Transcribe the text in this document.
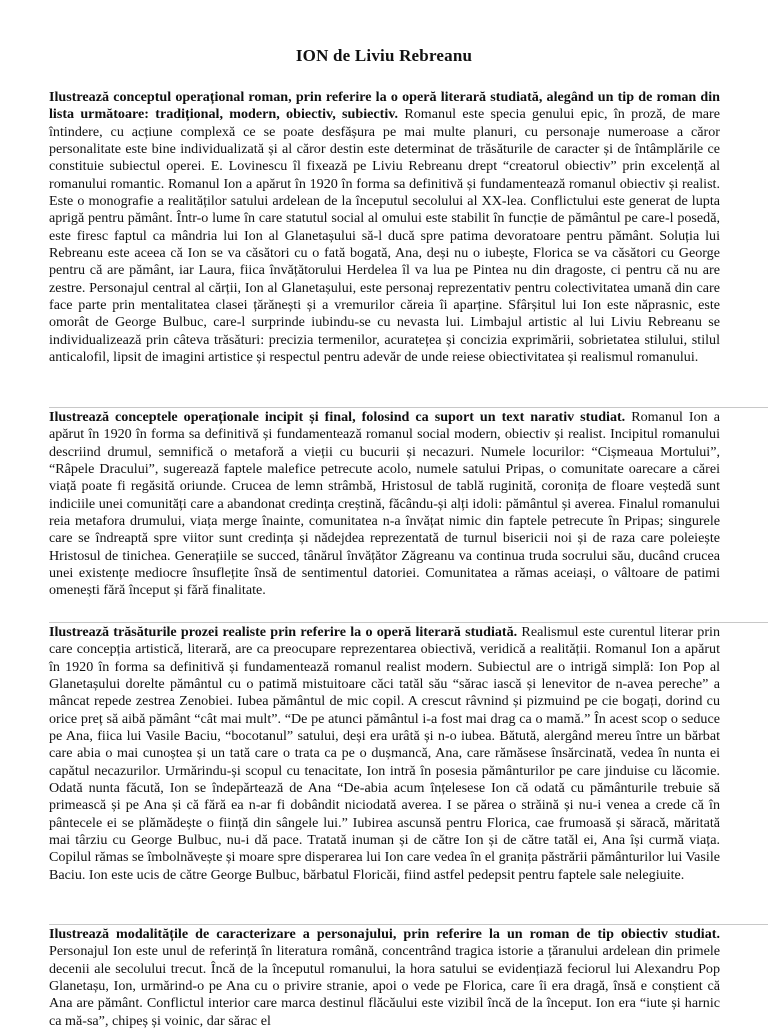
ION de Liviu Rebreanu

Ilustrează conceptul operațional roman, prin referire la o operă literară studiată, alegând un tip de roman din lista următoare: tradițional, modern, obiectiv, subiectiv. Romanul este specia genului epic, în proză, de mare întindere, cu acțiune complexă ce se poate desfășura pe mai multe planuri, cu personaje numeroase a căror personalitate este bine individualizată și al căror destin este determinat de trăsăturile de caracter și de întâmplările ce constituie subiectul operei. E. Lovinescu îl fixează pe Liviu Rebreanu drept “creatorul obiectiv” prin excelență al romanului romantic. Romanul Ion a apărut în 1920 în forma sa definitivă și fundamentează romanul obiectiv și realist. Este o monografie a realităților satului ardelean de la începutul secolului al XX-lea. Conflictului este generat de lupta aprigă pentru pământ. Într-o lume în care statutul social al omului este stabilit în funcție de pământul pe care-l posedă, este firesc faptul ca mândria lui Ion al Glanetașului să-l ducă spre patima devoratoare pentru pământ. Soluția lui Rebreanu este aceea că Ion se va căsători cu o fată bogată, Ana, deși nu o iubește, Florica se va căsători cu George pentru că are pământ, iar Laura, fiica învățătorului Herdelea îl va lua pe Pintea nu din dragoste, ci pentru că nu are zestre. Personajul central al cărții, Ion al Glanetașului, este personaj reprezentativ pentru colectivitatea umană din care face parte prin mentalitatea clasei țărănești și a vremurilor căreia îi aparține. Sfârșitul lui Ion este năprasnic, este omorât de George Bulbuc, care-l surprinde iubindu-se cu nevasta lui. Limbajul artistic al lui Liviu Rebreanu se individualizează prin câteva trăsături: precizia termenilor, acuratețea și concizia exprimării, sobrietatea stilului, stilul anticalofil, lipsit de imagini artistice și respectul pentru adevăr de unde reiese obiectivitatea și realismul romanului.

Ilustrează conceptele operaționale incipit și final, folosind ca suport un text narativ studiat. Romanul Ion a apărut în 1920 în forma sa definitivă și fundamentează romanul social modern, obiectiv și realist. Incipitul romanului descriind drumul, semnifică o metaforă a vieții cu bucurii și necazuri. Numele locurilor: “Cișmeaua Mortului”, “Râpele Dracului”, sugerează faptele malefice petrecute acolo, numele satului Pripas, o comunitate oarecare a cărei viață poate fi regăsită oriunde. Crucea de lemn strâmbă, Hristosul de tablă ruginită, coronița de floare veștedă sunt indiciile unei comunități care a abandonat credința creștină, făcându-și alți idoli: pământul și averea. Finalul romanului reia metafora drumului, viața merge înainte, comunitatea n-a învățat nimic din faptele petrecute în Pripas; singurele care se îndreaptă spre viitor sunt credința și nădejdea reprezentată de turnul bisericii noi și de raza care poleiește Hristosul de tinichea. Generațiile se succed, tânărul învățător Zăgreanu va continua truda socrului său, ducând crucea unei existențe mediocre însuflețite însă de sentimentul datoriei. Comunitatea a rămas aceiași, o vâltoare de patimi omenești fără început și fără finalitate.

Ilustrează trăsăturile prozei realiste prin referire la o operă literară studiată. Realismul este curentul literar prin care concepția artistică, literară, are ca preocupare reprezentarea obiectivă, veridică a realității. Romanul Ion a apărut în 1920 în forma sa definitivă și fundamentează romanul realist modern. Subiectul are o intrigă simplă: Ion Pop al Glanetașului dorelte pământul cu o patimă mistuitoare căci tatăl său “sărac iască și lenevitor de n-avea pereche” a mâncat repede zestrea Zenobiei. Iubea pământul de mic copil. A crescut râvnind și pizmuind pe cie bogați, dorind cu orice preț să aibă pământ “cât mai mult”. “De pe atunci pământul i-a fost mai drag ca o mamă.” În acest scop o seduce pe Ana, fiica lui Vasile Baciu, “bocotanul” satului, deși era urâtă și n-o iubea. Bătută, alergând mereu între un bărbat care abia o mai cunoștea și un tată care o trata ca pe o dușmancă, Ana, care rămăsese însărcinată, vedea în nunta ei capătul necazurilor. Urmărindu-și scopul cu tenacitate, Ion intră în posesia pământurilor pe care jinduise cu lăcomie. Odată nunta făcută, Ion se îndepărtează de Ana “De-abia acum înțelesese Ion că odată cu pământurile trebuie să primească și pe Ana și că fără ea n-ar fi dobândit niciodată averea. I se părea o străină și nu-i venea a crede că în pântecele ei se plămădește o ființă din sângele lui.” Iubirea ascunsă pentru Florica, cae frumoasă și săracă, măritată mai târziu cu George Bulbuc, nu-i dă pace. Tratată inuman și de către Ion și de către tatăl ei, Ana își curmă viața. Copilul rămas se îmbolnăvește și moare spre disperarea lui Ion care vedea în el granița păstrării pământurilor lui Vasile Baciu. Ion este ucis de către George Bulbuc, bărbatul Floricăi, fiind astfel pedepsit pentru faptele sale nelegiuite.

Ilustrează modalitățile de caracterizare a personajului, prin referire la un roman de tip obiectiv studiat. Personajul Ion este unul de referință în literatura română, concentrând tragica istorie a țăranului ardelean din primele decenii ale secolului trecut. Încă de la începutul romanului, la hora satului se evidențiază feciorul lui Alexandru Pop Glanetașu, Ion, urmărind-o pe Ana cu o privire stranie, apoi o vede pe Florica, care îi era dragă, însă e conștient că Ana are pământ. Conflictul interior care marca destinul flăcăului este vizibil încă de la început. Ion era “iute și harnic ca mă-sa”, chipeș și voinic, dar sărac el
